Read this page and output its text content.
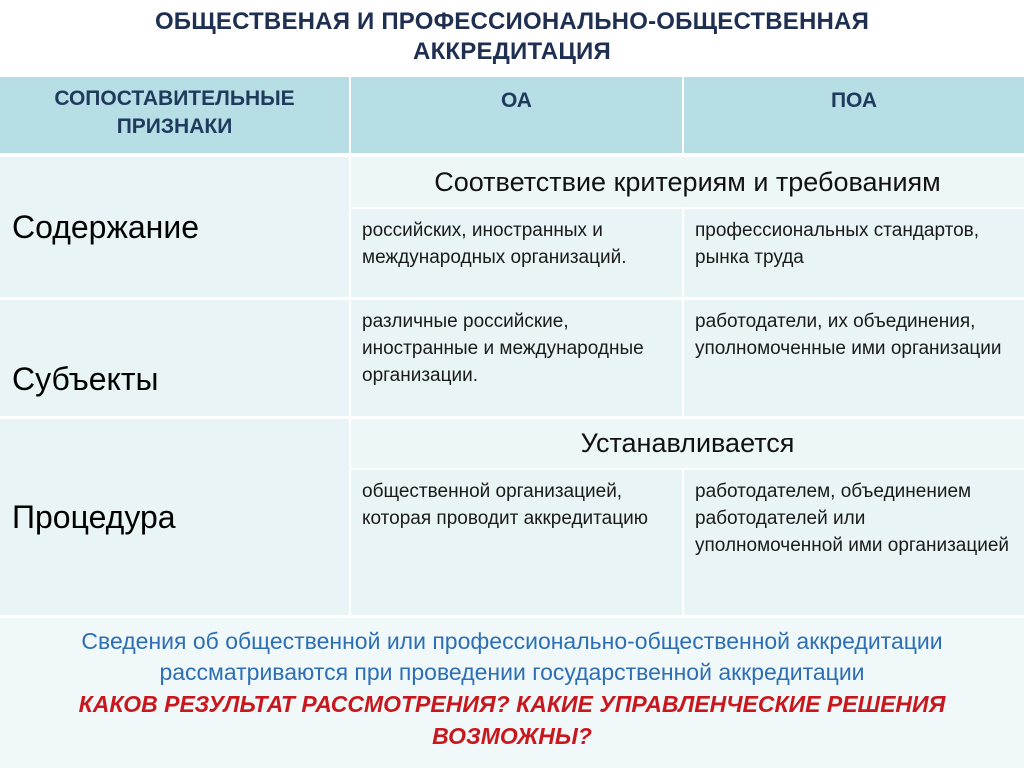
ОБЩЕСТВЕНАЯ И ПРОФЕССИОНАЛЬНО-ОБЩЕСТВЕННАЯ
АККРЕДИТАЦИЯ
СОПОСТАВИТЕЛЬНЫЕ ПРИЗНАКИ
ОА	ПОА
Содержание
Соответствие критериям и требованиям
российских, иностранных и международных организаций.
профессиональных стандартов, рынка труда
Субъекты
различные российские, иностранные и международные организации.
работодатели, их объединения, уполномоченные ими организации
Процедура
Устанавливается
общественной организацией, которая проводит аккредитацию
работодателем, объединением работодателей или уполномоченной ими организацией
Сведения об общественной или профессионально-общественной аккредитации рассматриваются при проведении государственной аккредитации
КАКОВ РЕЗУЛЬТАТ РАССМОТРЕНИЯ? КАКИЕ УПРАВЛЕНЧЕСКИЕ РЕШЕНИЯ ВОЗМОЖНЫ?
